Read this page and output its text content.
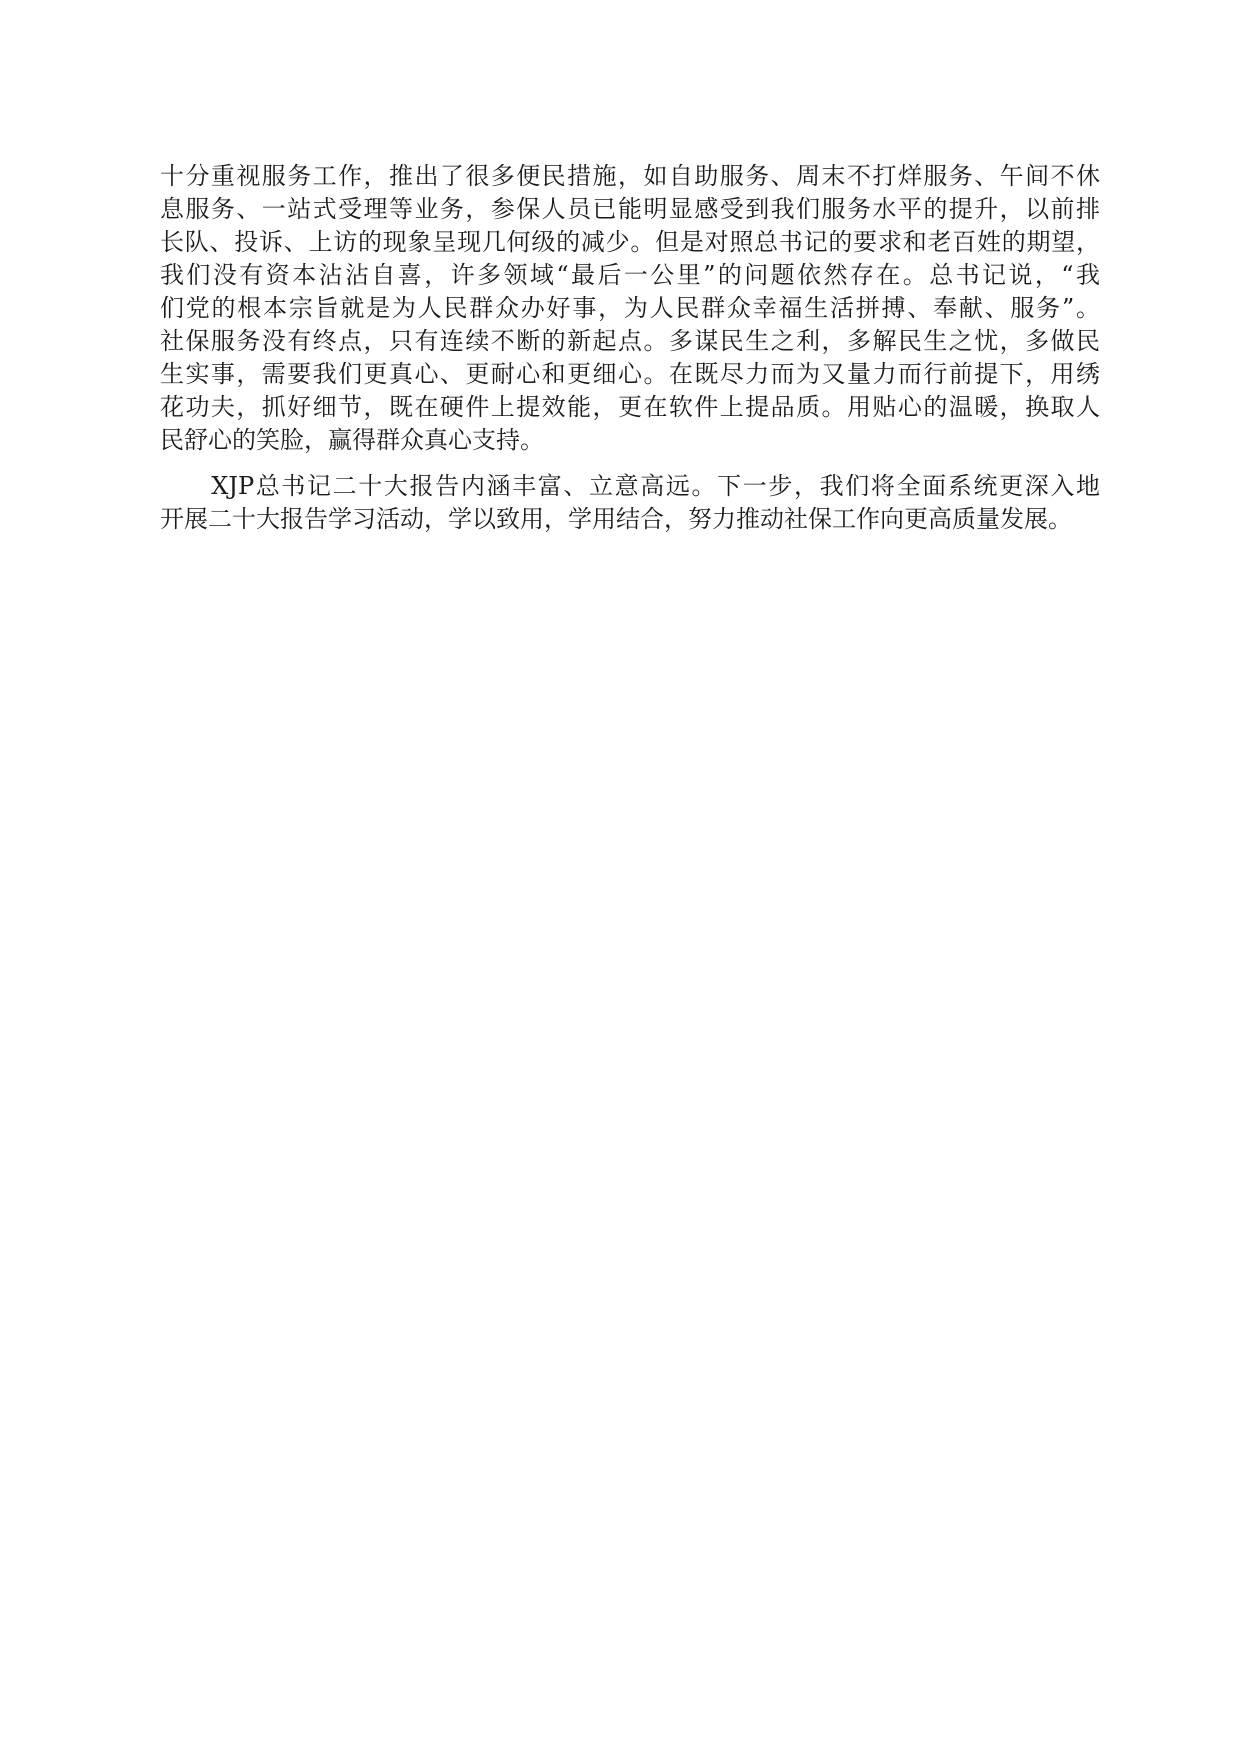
十分重视服务工作，推出了很多便民措施，如自助服务、周末不打烊服务、午间不休
息服务、一站式受理等业务，参保人员已能明显感受到我们服务水平的提升，以前排
长队、投诉、上访的现象呈现几何级的减少。但是对照总书记的要求和老百姓的期望，
我们没有资本沾沾自喜，许多领域“最后一公里”的问题依然存在。总书记说，“我
们党的根本宗旨就是为人民群众办好事，为人民群众幸福生活拼搏、奉献、服务”。
社保服务没有终点，只有连续不断的新起点。多谋民生之利，多解民生之忧，多做民
生实事，需要我们更真心、更耐心和更细心。在既尽力而为又量力而行前提下，用绣
花功夫，抓好细节，既在硬件上提效能，更在软件上提品质。用贴心的温暖，换取人
民舒心的笑脸，赢得群众真心支持。
　　XJP总书记二十大报告内涵丰富、立意高远。下一步，我们将全面系统更深入地
开展二十大报告学习活动，学以致用，学用结合，努力推动社保工作向更高质量发展。
